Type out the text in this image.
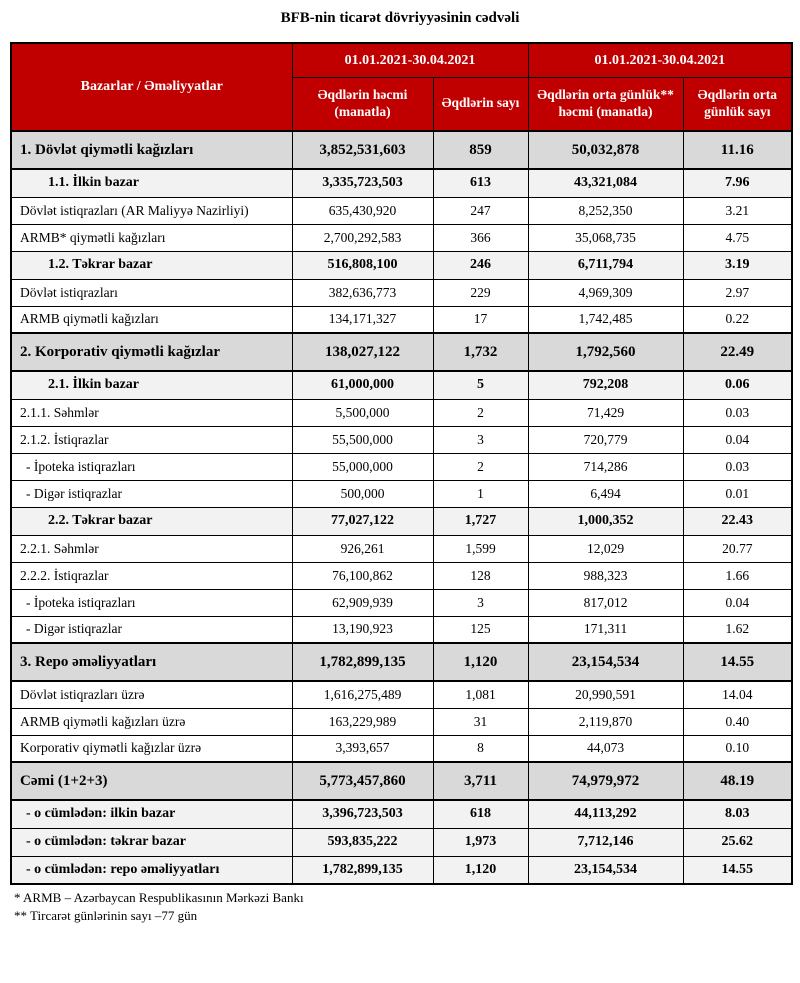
BFB-nin ticarət dövriyyəsinin cədvəli
Bazarlar / Əməliyyatlar	01.01.2021-30.04.2021		01.01.2021-30.04.2021	
	Əqdlərin həcmi (manatla)	Əqdlərin sayı	Əqdlərin orta günlük** həcmi (manatla)	Əqdlərin orta günlük sayı
1. Dövlət qiymətli kağızları	3,852,531,603	859	50,032,878	11.16
1.1. İlkin bazar	3,335,723,503	613	43,321,084	7.96
Dövlət istiqrazları (AR Maliyyə Nazirliyi)	635,430,920	247	8,252,350	3.21
ARMB* qiymətli kağızları	2,700,292,583	366	35,068,735	4.75
1.2. Təkrar bazar	516,808,100	246	6,711,794	3.19
Dövlət istiqrazları	382,636,773	229	4,969,309	2.97
ARMB qiymətli kağızları	134,171,327	17	1,742,485	0.22
2. Korporativ qiymətli kağızlar	138,027,122	1,732	1,792,560	22.49
2.1. İlkin bazar	61,000,000	5	792,208	0.06
2.1.1. Səhmlər	5,500,000	2	71,429	0.03
2.1.2. İstiqrazlar	55,500,000	3	720,779	0.04
- İpoteka istiqrazları	55,000,000	2	714,286	0.03
- Digər istiqrazlar	500,000	1	6,494	0.01
2.2. Təkrar bazar	77,027,122	1,727	1,000,352	22.43
2.2.1. Səhmlər	926,261	1,599	12,029	20.77
2.2.2. İstiqrazlar	76,100,862	128	988,323	1.66
- İpoteka istiqrazları	62,909,939	3	817,012	0.04
- Digər istiqrazlar	13,190,923	125	171,311	1.62
3. Repo əməliyyatları	1,782,899,135	1,120	23,154,534	14.55
Dövlət istiqrazları üzrə	1,616,275,489	1,081	20,990,591	14.04
ARMB qiymətli kağızları üzrə	163,229,989	31	2,119,870	0.40
Korporativ qiymətli kağızlar üzrə	3,393,657	8	44,073	0.10
Cəmi (1+2+3)	5,773,457,860	3,711	74,979,972	48.19
- o cümlədən: ilkin bazar	3,396,723,503	618	44,113,292	8.03
- o cümlədən: təkrar bazar	593,835,222	1,973	7,712,146	25.62
- o cümlədən: repo əməliyyatları	1,782,899,135	1,120	23,154,534	14.55
* ARMB – Azərbaycan Respublikasının Mərkəzi Bankı
** Tircarət günlərinin sayı –77 gün
